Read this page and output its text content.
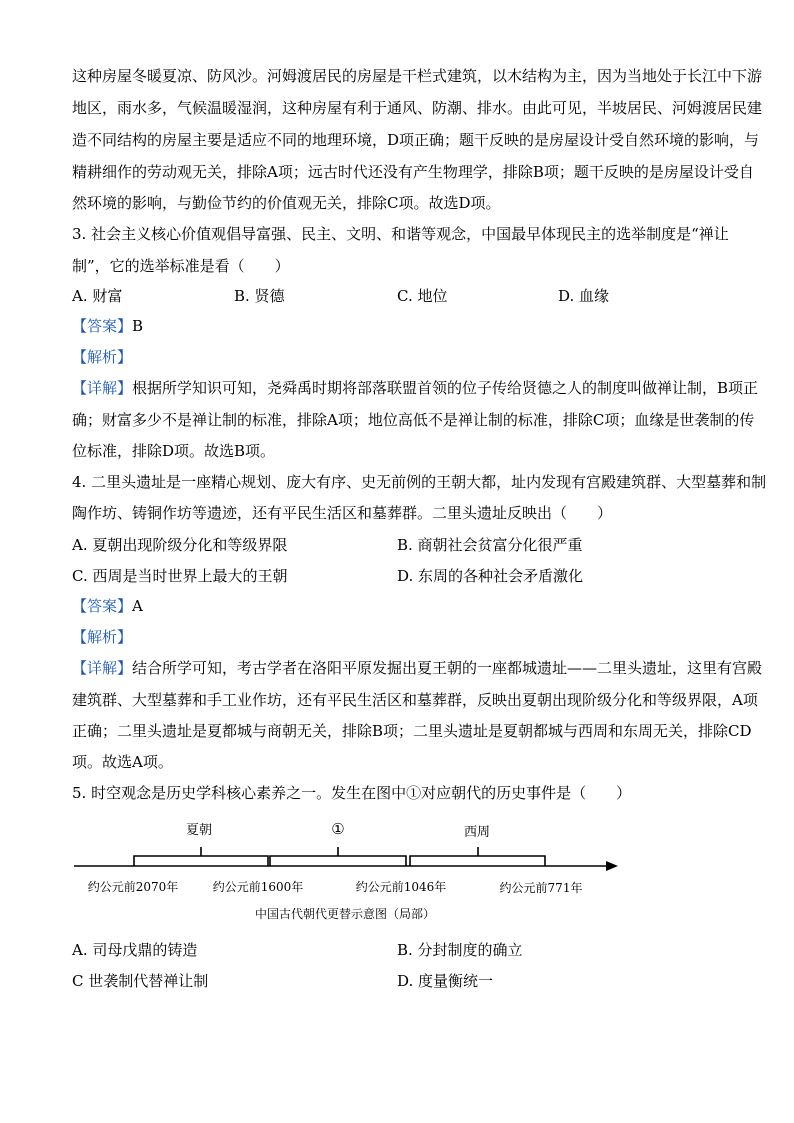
这种房屋冬暖夏凉、防风沙。河姆渡居民的房屋是干栏式建筑，以木结构为主，因为当地处于长江中下游
地区，雨水多，气候温暖湿润，这种房屋有利于通风、防潮、排水。由此可见，半坡居民、河姆渡居民建
造不同结构的房屋主要是适应不同的地理环境，D项正确；题干反映的是房屋设计受自然环境的影响，与
精耕细作的劳动观无关，排除A项；远古时代还没有产生物理学，排除B项；题干反映的是房屋设计受自
然环境的影响，与勤俭节约的价值观无关，排除C项。故选D项。
3. 社会主义核心价值观倡导富强、民主、文明、和谐等观念，中国最早体现民主的选举制度是“禅让
制”，它的选举标准是看（　　）
A. 财富	B. 贤德	C. 地位	D. 血缘
【答案】B
【解析】
【详解】根据所学知识可知，尧舜禹时期将部落联盟首领的位子传给贤德之人的制度叫做禅让制，B项正
确；财富多少不是禅让制的标准，排除A项；地位高低不是禅让制的标准，排除C项；血缘是世袭制的传
位标准，排除D项。故选B项。
4. 二里头遗址是一座精心规划、庞大有序、史无前例的王朝大都，址内发现有宫殿建筑群、大型墓葬和制
陶作坊、铸铜作坊等遗迹，还有平民生活区和墓葬群。二里头遗址反映出（　　）
A. 夏朝出现阶级分化和等级界限	B. 商朝社会贫富分化很严重
C. 西周是当时世界上最大的王朝	D. 东周的各种社会矛盾激化
【答案】A
【解析】
【详解】结合所学可知，考古学者在洛阳平原发掘出夏王朝的一座都城遗址——二里头遗址，这里有宫殿
建筑群、大型墓葬和手工业作坊，还有平民生活区和墓葬群，反映出夏朝出现阶级分化和等级界限，A项
正确；二里头遗址是夏都城与商朝无关，排除B项；二里头遗址是夏朝都城与西周和东周无关，排除CD
项。故选A项。
5. 时空观念是历史学科核心素养之一。发生在图中①对应朝代的历史事件是（　　）
夏朝	①	西周
约公元前2070年	约公元前1600年	约公元前1046年	约公元前771年
中国古代朝代更替示意图（局部）
A. 司母戊鼎的铸造	B. 分封制度的确立
C 世袭制代替禅让制	D. 度量衡统一
